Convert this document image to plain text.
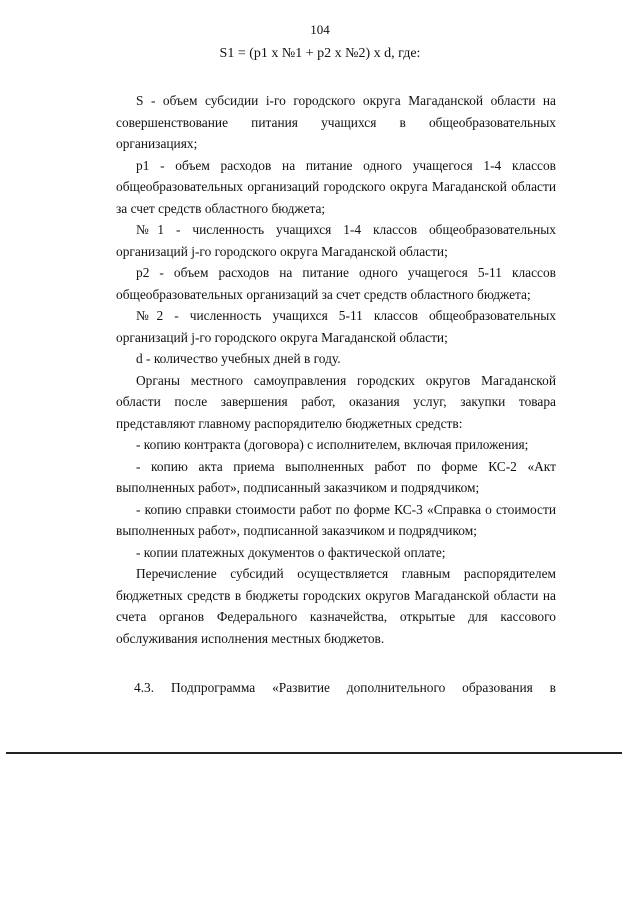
104
S1 = (p1 x №1 + p2 x №2) x d, где:

S - объем субсидии i-го городского округа Магаданской области на совершенствование питания учащихся в общеобразовательных организациях;

p1 - объем расходов на питание одного учащегося 1-4 классов общеобразовательных организаций городского округа Магаданской области за счет средств областного бюджета;

№1 - численность учащихся 1-4 классов общеобразовательных организаций j-го городского округа Магаданской области;

p2 - объем расходов на питание одного учащегося 5-11 классов общеобразовательных организаций за счет средств областного бюджета;

№2 - численность учащихся 5-11 классов общеобразовательных организаций j-го городского округа Магаданской области;

d - количество учебных дней в году.

Органы местного самоуправления городских округов Магаданской области после завершения работ, оказания услуг, закупки товара представляют главному распорядителю бюджетных средств:

- копию контракта (договора) с исполнителем, включая приложения;

- копию акта приема выполненных работ по форме КС-2 «Акт выполненных работ», подписанный заказчиком и подрядчиком;

- копию справки стоимости работ по форме КС-3 «Справка о стоимости выполненных работ», подписанной заказчиком и подрядчиком;

- копии платежных документов о фактической оплате;

Перечисление субсидий осуществляется главным распорядителем бюджетных средств в бюджеты городских округов Магаданской области на счета органов Федерального казначейства, открытые для кассового обслуживания исполнения местных бюджетов.

4.3. Подпрограмма «Развитие дополнительного образования в
